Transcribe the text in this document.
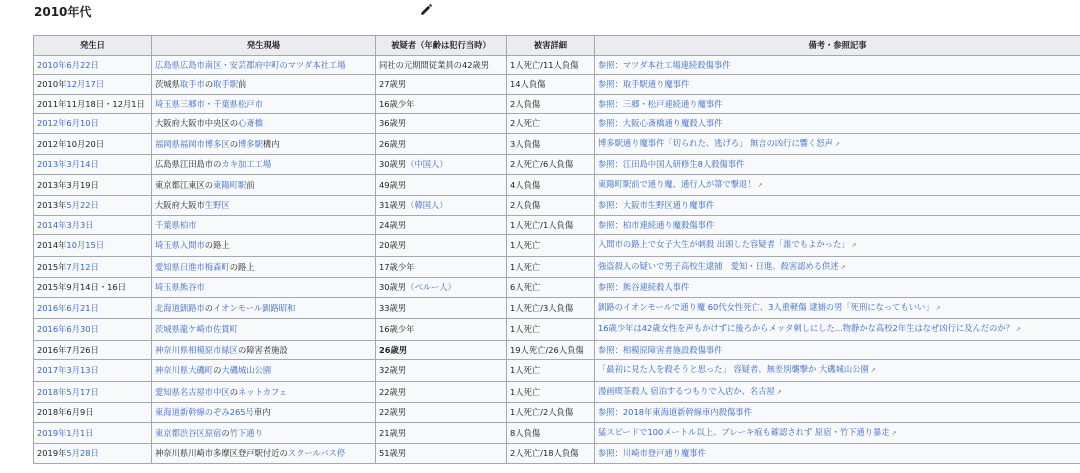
2010年代
発生日	発生現場	被疑者（年齢は犯行当時）	被害詳細	備考・参照記事
2010年6月22日	広島県広島市南区・安芸郡府中町のマツダ本社工場	同社の元期間従業員の42歳男	1人死亡/11人負傷	参照：マツダ本社工場連続殺傷事件
2010年12月17日	茨城県取手市の取手駅前	27歳男	14人負傷	参照：取手駅通り魔事件
2011年11月18日・12月1日	埼玉県三郷市・千葉県松戸市	16歳少年	2人負傷	参照：三郷・松戸連続通り魔事件
2012年6月10日	大阪府大阪市中央区の心斎橋	36歳男	2人死亡	参照：大阪心斎橋通り魔殺人事件
2012年10月20日	福岡県福岡市博多区の博多駅構内	26歳男	3人負傷	博多駅通り魔事件「切られた、逃げろ」 無言の凶行に響く怒声 ↗
2013年3月14日	広島県江田島市のカキ加工工場	30歳男（中国人）	2人死亡/6人負傷	参照：江田島中国人研修生8人殺傷事件
2013年3月19日	東京都江東区の東陽町駅前	49歳男	4人負傷	東陽町駅前で通り魔、通行人が箒で撃退！ ↗
2013年5月22日	大阪府大阪市生野区	31歳男（韓国人）	2人負傷	参照：大阪市生野区通り魔事件
2014年3月3日	千葉県柏市	24歳男	1人死亡/1人負傷	参照：柏市連続通り魔殺傷事件
2014年10月15日	埼玉県入間市の路上	20歳男	1人死亡	入間市の路上で女子大生が刺殺 出頭した容疑者「誰でもよかった」 ↗
2015年7月12日	愛知県日進市梅森町の路上	17歳少年	1人死亡	強盗殺人の疑いで男子高校生逮捕　愛知・日進、殺害認める供述 ↗
2015年9月14日・16日	埼玉県熊谷市	30歳男（ペルー人）	6人死亡	参照：熊谷連続殺人事件
2016年6月21日	北海道釧路市のイオンモール釧路昭和	33歳男	1人死亡/3人負傷	釧路のイオンモールで通り魔 60代女性死亡、3人重軽傷 逮捕の男「死刑になってもいい」 ↗
2016年6月30日	茨城県龍ケ崎市佐貫町	16歳少年	1人死亡	16歳少年は42歳女性を声もかけずに後ろからメッタ刺しにした...物静かな高校2年生はなぜ凶行に及んだのか？ ↗
2016年7月26日	神奈川県相模原市緑区の障害者施設	26歳男	19人死亡/26人負傷	参照：相模原障害者施設殺傷事件
2017年3月13日	神奈川県大磯町の大磯城山公園	32歳男	1人死亡	「最初に見た人を殺そうと思った」 容疑者、無差別襲撃か 大磯城山公園 ↗
2018年5月17日	愛知県名古屋市中区のネットカフェ	22歳男	1人死亡	漫画喫茶殺人 宿泊するつもりで入店か、名古屋 ↗
2018年6月9日	東海道新幹線のぞみ265号車内	22歳男	1人死亡/2人負傷	参照：2018年東海道新幹線車内殺傷事件
2019年1月1日	東京都渋谷区原宿の竹下通り	21歳男	8人負傷	猛スピードで100メートル以上、ブレーキ痕も確認されず 原宿・竹下通り暴走 ↗
2019年5月28日	神奈川県川崎市多摩区登戸駅付近のスクールバス停	51歳男	2人死亡/18人負傷	参照：川崎市登戸通り魔事件
